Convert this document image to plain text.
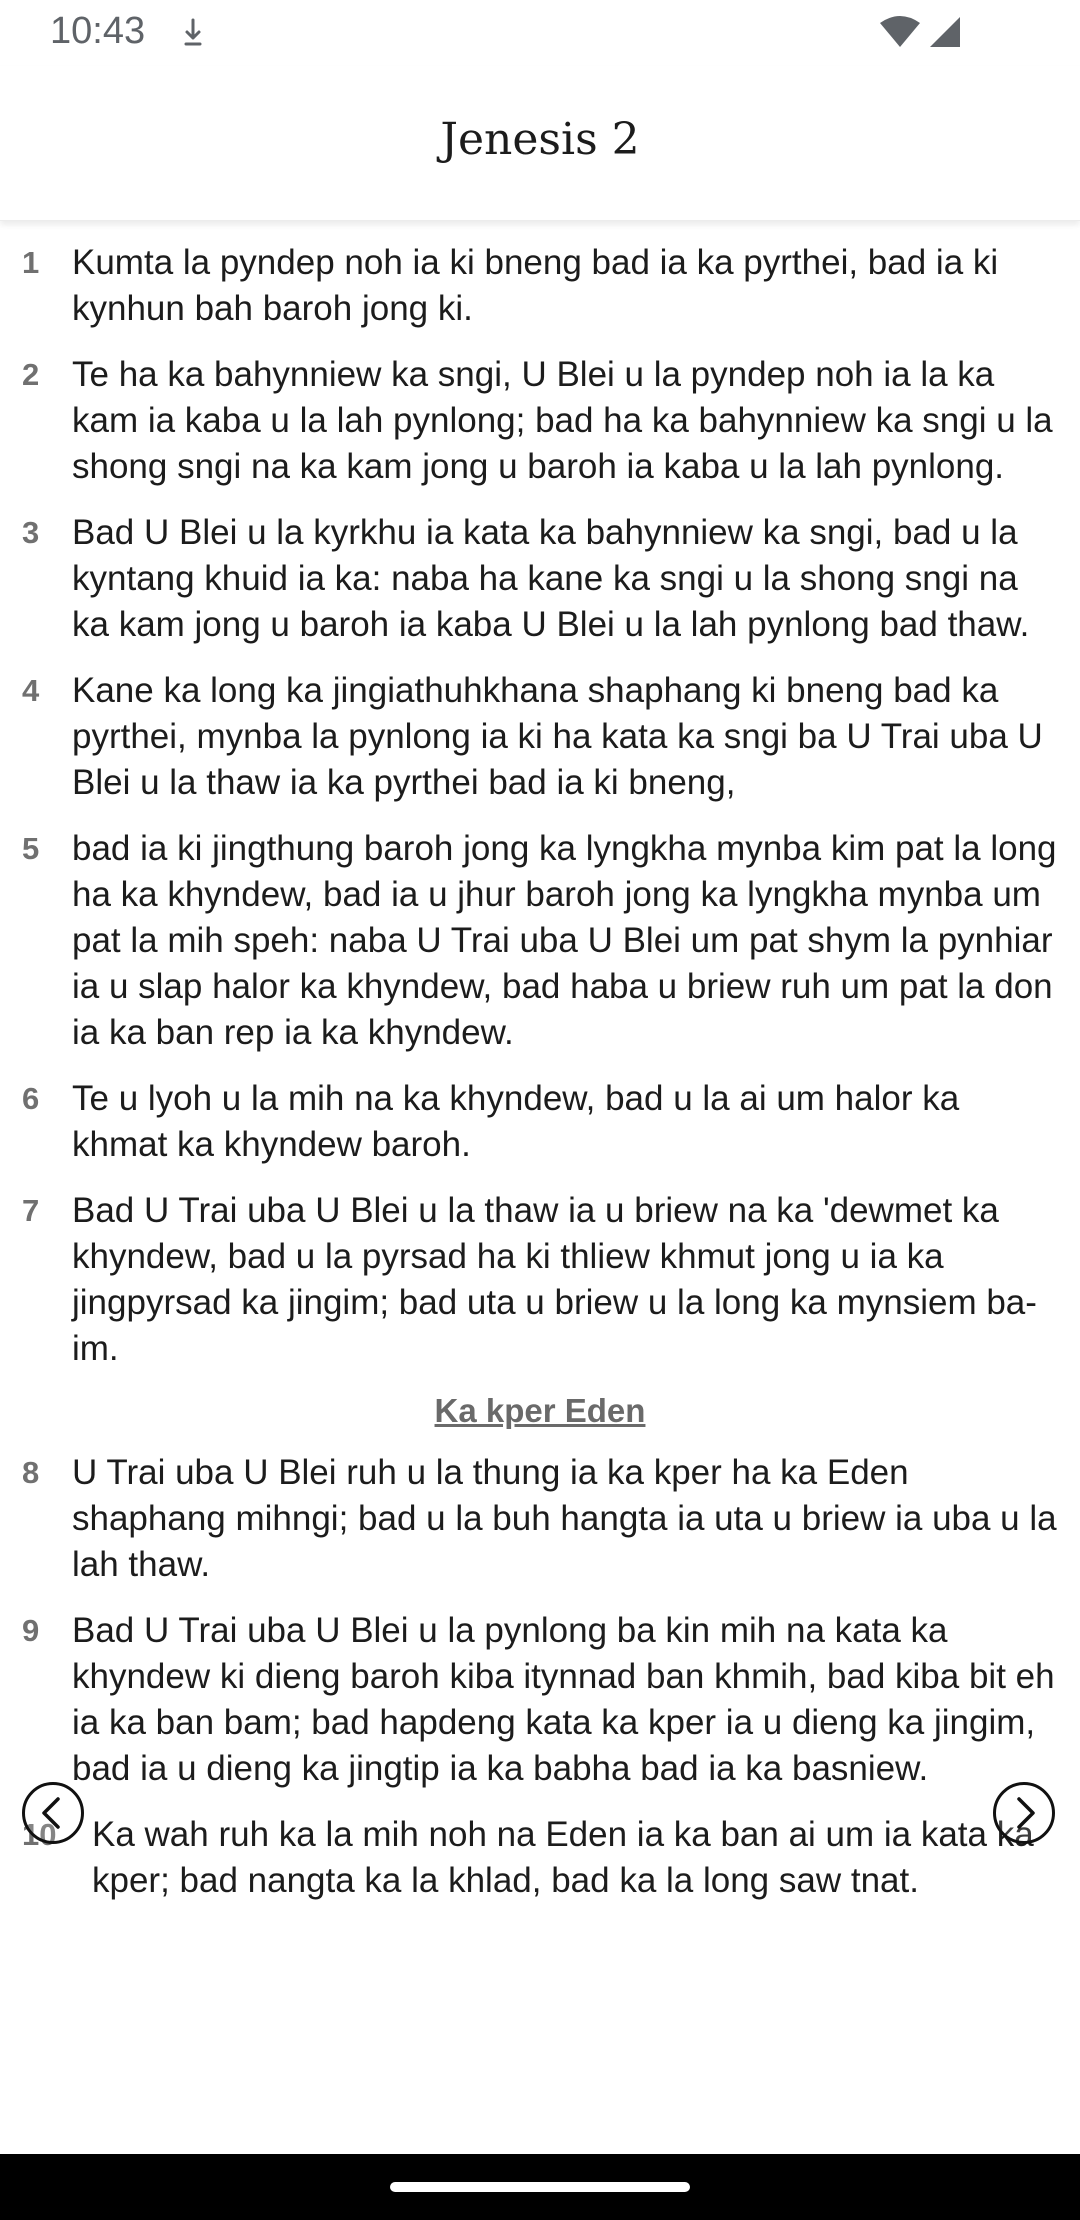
10:43
Jenesis 2
1 Kumta la pyndep noh ia ki bneng bad ia ka pyrthei, bad ia ki kynhun bah baroh jong ki.
2 Te ha ka bahynniew ka sngi, U Blei u la pyndep noh ia la ka kam ia kaba u la lah pynlong; bad ha ka bahynniew ka sngi u la shong sngi na ka kam jong u baroh ia kaba u la lah pynlong.
3 Bad U Blei u la kyrkhu ia kata ka bahynniew ka sngi, bad u la kyntang khuid ia ka: naba ha kane ka sngi u la shong sngi na ka kam jong u baroh ia kaba U Blei u la lah pynlong bad thaw.
4 Kane ka long ka jingiathuhkhana shaphang ki bneng bad ka pyrthei, mynba la pynlong ia ki ha kata ka sngi ba U Trai uba U Blei u la thaw ia ka pyrthei bad ia ki bneng,
5 bad ia ki jingthung baroh jong ka lyngkha mynba kim pat la long ha ka khyndew, bad ia u jhur baroh jong ka lyngkha mynba um pat la mih speh: naba U Trai uba U Blei um pat shym la pynhiar ia u slap halor ka khyndew, bad haba u briew ruh um pat la don ia ka ban rep ia ka khyndew.
6 Te u lyoh u la mih na ka khyndew, bad u la ai um halor ka khmat ka khyndew baroh.
7 Bad U Trai uba U Blei u la thaw ia u briew na ka 'dewmet ka khyndew, bad u la pyrsad ha ki thliew khmut jong u ia ka jingpyrsad ka jingim; bad uta u briew u la long ka mynsiem ba-im.
Ka kper Eden
8 U Trai uba U Blei ruh u la thung ia ka kper ha ka Eden shaphang mihngi; bad u la buh hangta ia uta u briew ia uba u la lah thaw.
9 Bad U Trai uba U Blei u la pynlong ba kin mih na kata ka khyndew ki dieng baroh kiba itynnad ban khmih, bad kiba bit eh ia ka ban bam; bad hapdeng kata ka kper ia u dieng ka jingim, bad ia u dieng ka jingtip ia ka babha bad ia ka basniew.
10 Ka wah ruh ka la mih noh na Eden ia ka ban ai um ia kata ka kper; bad nangta ka la khlad, bad ka la long saw tnat.
